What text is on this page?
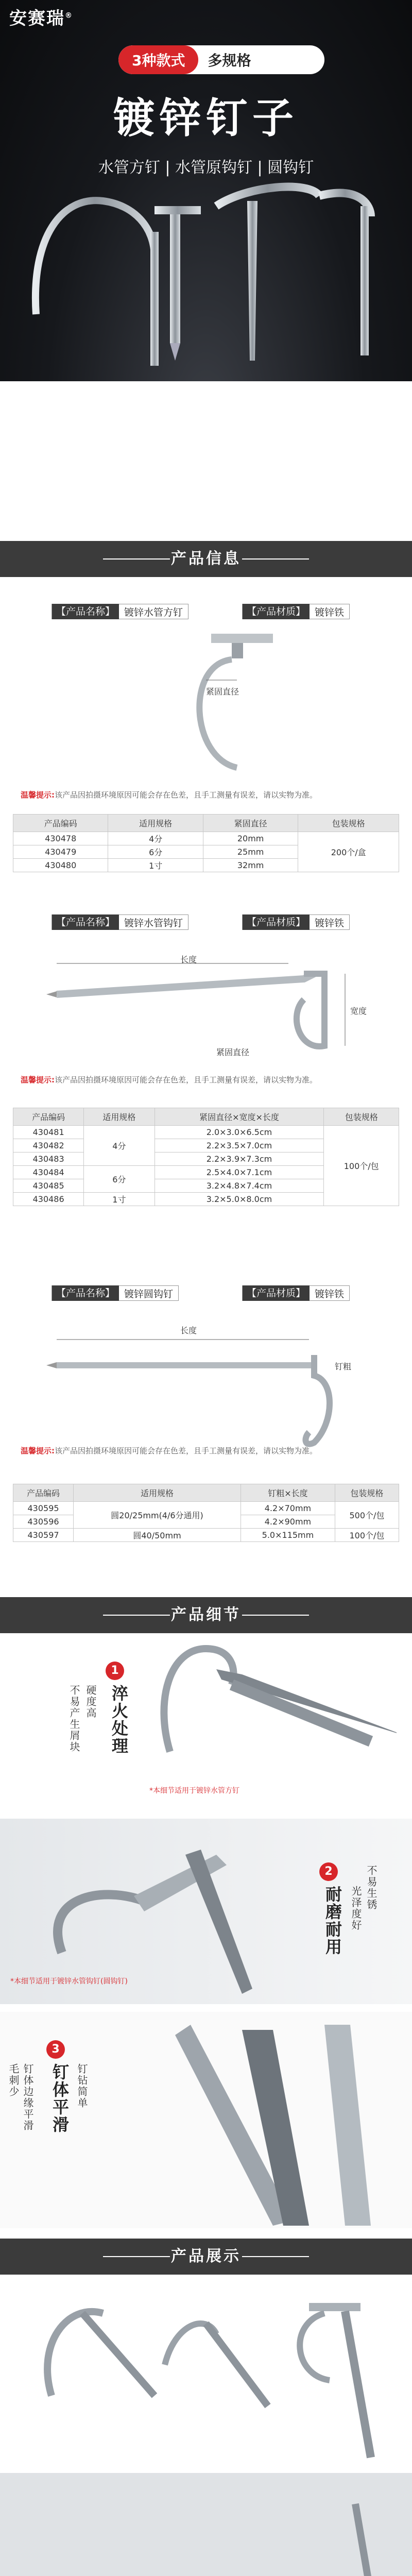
安赛瑞®
3种款式	多规格
镀锌钉子
水管方钉 | 水管原钩钉 | 圆钩钉
产品信息
【产品名称】 镀锌水管方钉	【产品材质】 镀锌铁
紧固直径
温馨提示:该产品因拍摄环境原因可能会存在色差，且手工测量有误差，请以实物为准。
产品编码	适用规格	紧固直径	包装规格
430478	4分	20mm	200个/盒
430479	6分	25mm	
430480	1寸	32mm	
【产品名称】 镀锌水管钩钉	【产品材质】 镀锌铁
长度
宽度
紧固直径
温馨提示:该产品因拍摄环境原因可能会存在色差，且手工测量有误差，请以实物为准。
产品编码	适用规格	紧固直径×宽度×长度	包装规格
430481	4分	2.0×3.0×6.5cm	100个/包
430482		2.2×3.5×7.0cm	
430483		2.2×3.9×7.3cm	
430484	6分	2.5×4.0×7.1cm	
430485		3.2×4.8×7.4cm	
430486	1寸	3.2×5.0×8.0cm	
【产品名称】 镀锌圆钩钉	【产品材质】 镀锌铁
长度
钉粗
温馨提示:该产品因拍摄环境原因可能会存在色差，且手工测量有误差，请以实物为准。
产品编码	适用规格	钉粗×长度	包装规格
430595	圆20/25mm(4/6分通用)	4.2×70mm	500个/包
430596		4.2×90mm	
430597	圆40/50mm	5.0×115mm	100个/包
产品细节
1
淬火处理
硬度高
不易产生屑块
*本细节适用于镀锌水管方钉
*本细节适用于镀锌水管钩钉(圆钩钉)
2
耐磨耐用 光泽度好 不易生锈
3
钉体平滑
钉体边缘平滑
毛刺少	钉钻简单
产品展示
